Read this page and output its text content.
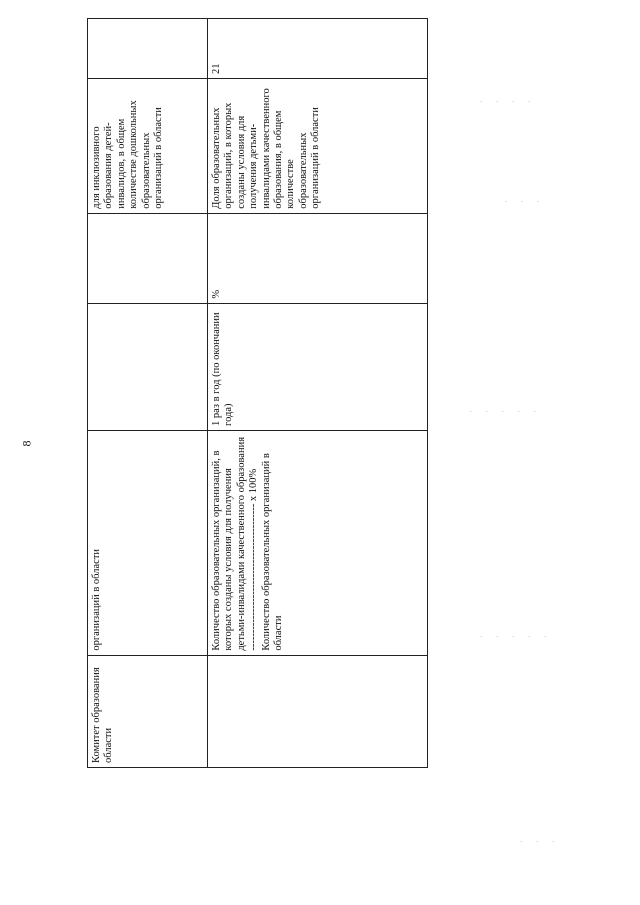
8
Комитет образования области	организаций в области			для инклюзивного образования детей-инвалидов, в общем количестве дошкольных образовательных организаций в области	
	Количество образовательных организаций, в которых созданы условия для получения детьми-инвалидами качественного образования ------------------------------------------ х 100% Количество образовательных организаций в области	1 раз в год (по окончании года)	%	Доля образовательных организаций, в которых созданы условия для получения детьми-инвалидами качественного образования, в общем количестве образовательных организаций в области	21
. . . .
. . .
. . . . .
. . . . .
. . .
